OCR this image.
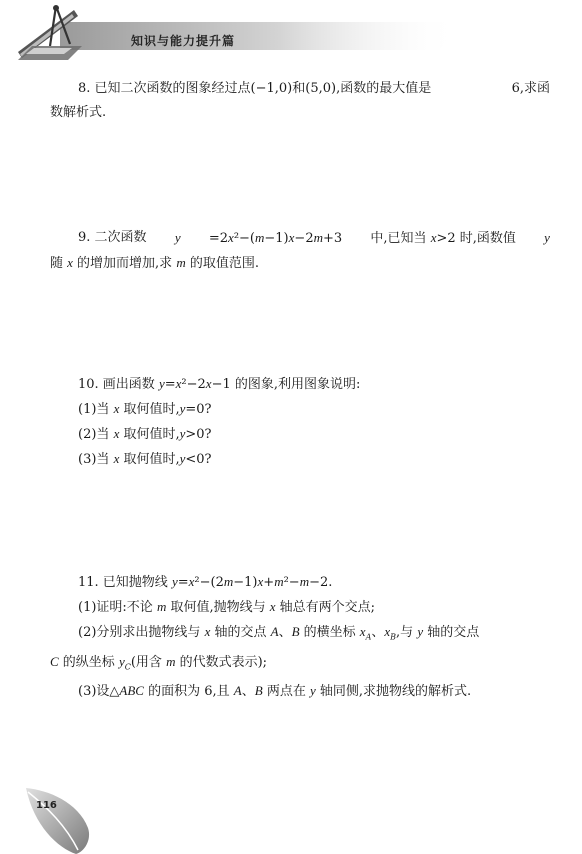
知识与能力提升篇
8. 已知二次函数的图象经过点(−1,0)和(5,0),函数的最大值是	6,求函
数解析式.
9. 二次函数 y =2x²−(m−1)x−2m+3 中,已知当 x>2 时,函数值 y
随 x 的增加而增加,求 m 的取值范围.
10. 画出函数 y=x²−2x−1 的图象,利用图象说明:
(1)当 x 取何值时,y=0?
(2)当 x 取何值时,y>0?
(3)当 x 取何值时,y<0?
11. 已知抛物线 y=x²−(2m−1)x+m²−m−2.
(1)证明:不论 m 取何值,抛物线与 x 轴总有两个交点;
(2)分别求出抛物线与 x 轴的交点 A、B 的横坐标 $x_A$、$x_B$,与 y 轴的交点
C 的纵坐标 $y_C$(用含 m 的代数式表示);
(3)设△ABC 的面积为 6,且 A、B 两点在 y 轴同侧,求抛物线的解析式.
116
